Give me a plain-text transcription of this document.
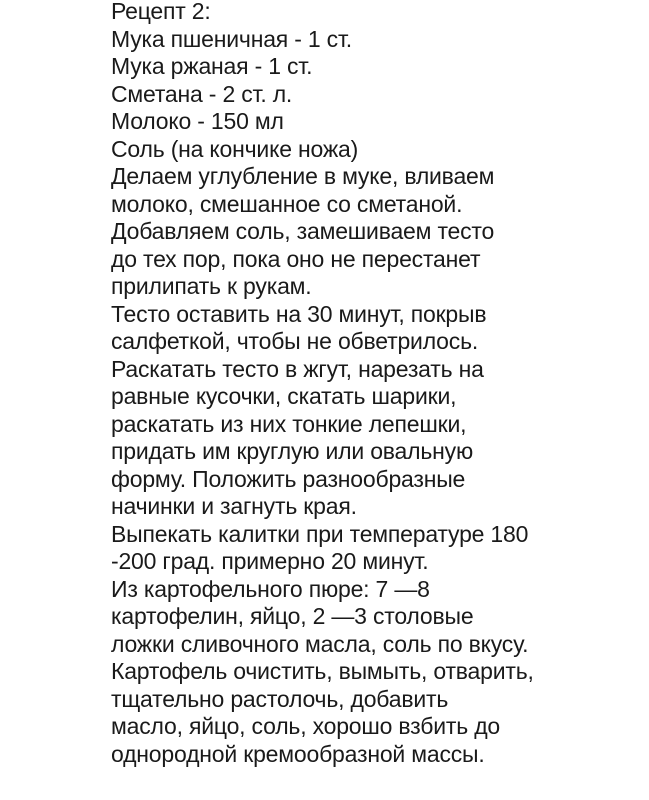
Рецепт 2:
Мука пшеничная - 1 ст.
Мука ржаная - 1 ст.
Сметана - 2 ст. л.
Молоко - 150 мл
Соль (на кончике ножа)
Делаем углубление в муке, вливаем
молоко, смешанное со сметаной.
Добавляем соль, замешиваем тесто
до тех пор, пока оно не перестанет
прилипать к рукам.
Тесто оставить на 30 минут, покрыв
салфеткой, чтобы не обветрилось.
Раскатать тесто в жгут, нарезать на
равные кусочки, скатать шарики,
раскатать из них тонкие лепешки,
придать им круглую или овальную
форму. Положить разнообразные
начинки и загнуть края.
Выпекать калитки при температуре 180
-200 град. примерно 20 минут.
Из картофельного пюре: 7 —8
картофелин, яйцо, 2 —3 столовые
ложки сливочного масла, соль по вкусу.
Картофель очистить, вымыть, отварить,
тщательно растолочь, добавить
масло, яйцо, соль, хорошо взбить до
однородной кремообразной массы.
